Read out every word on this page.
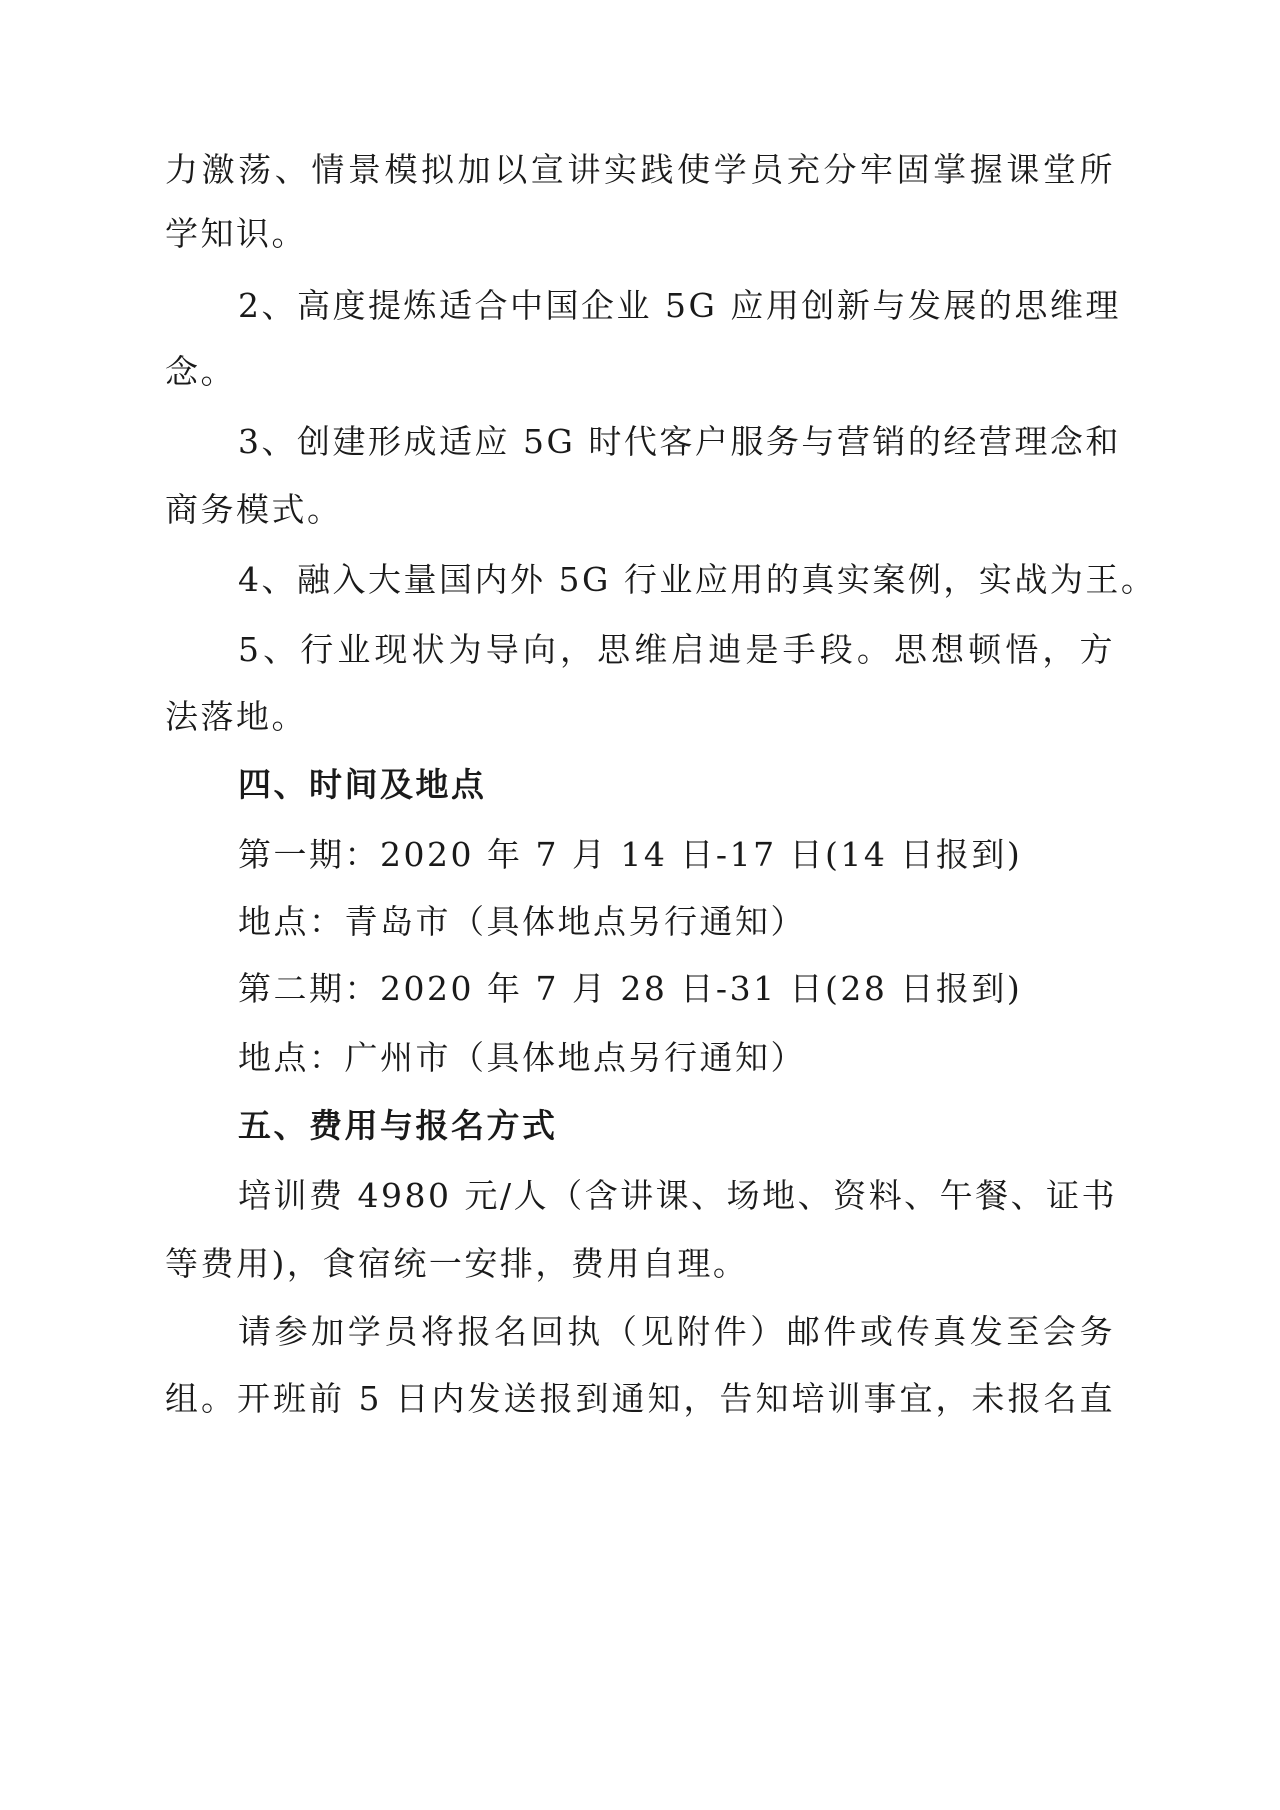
力激荡、情景模拟加以宣讲实践使学员充分牢固掌握课堂所
学知识。
2、高度提炼适合中国企业 5G 应用创新与发展的思维理
念。
3、创建形成适应 5G 时代客户服务与营销的经营理念和
商务模式。
4、融入大量国内外 5G 行业应用的真实案例，实战为王。
5、行业现状为导向，思维启迪是手段。思想顿悟，方
法落地。
四、时间及地点
第一期：2020 年 7 月 14 日-17 日(14 日报到)
地点：青岛市（具体地点另行通知）
第二期：2020 年 7 月 28 日-31 日(28 日报到)
地点：广州市（具体地点另行通知）
五、费用与报名方式
培训费 4980 元/人（含讲课、场地、资料、午餐、证书
等费用)，食宿统一安排，费用自理。
请参加学员将报名回执（见附件）邮件或传真发至会务
组。开班前 5 日内发送报到通知，告知培训事宜，未报名直
